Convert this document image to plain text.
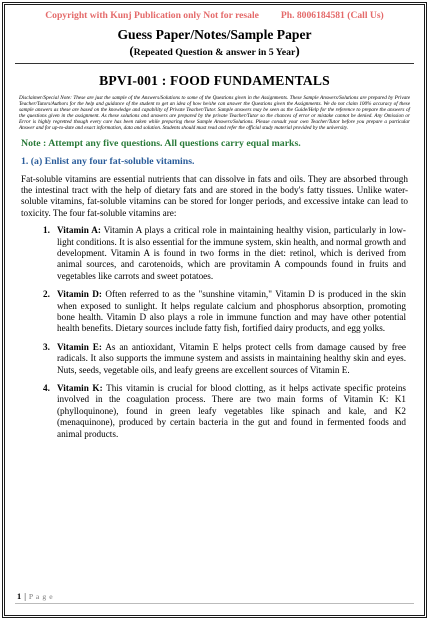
Copyright with Kunj Publication only Not for resale Ph. 8006184581 (Call Us)
Guess Paper/Notes/Sample Paper
(Repeated Question & answer in 5 Year)
BPVI-001 : FOOD FUNDAMENTALS
Disclaimer/Special Note: These are just the sample of the Answers/Solutions to some of the Questions given in the Assignments. These Sample Answers/Solutions are prepared by Private Teacher/Tutors/Authors for the help and guidance of the student to get an idea of how he/she can answer the Questions given the Assignments. We do not claim 100% accuracy of these sample answers as these are based on the knowledge and capability of Private Teacher/Tutor. Sample answers may be seen as the Guide/Help for the reference to prepare the answers of the questions given in the assignment. As these solutions and answers are prepared by the private Teacher/Tutor so the chances of error or mistake cannot be denied. Any Omission or Error is highly regretted though every care has been taken while preparing these Sample Answers/Solutions. Please consult your own Teacher/Tutor before you prepare a particular Answer and for up-to-date and exact information, data and solution. Students should must read and refer the official study material provided by the university.
Note : Attempt any five questions. All questions carry equal marks.
1. (a) Enlist any four fat-soluble vitamins.
Fat-soluble vitamins are essential nutrients that can dissolve in fats and oils. They are absorbed through the intestinal tract with the help of dietary fats and are stored in the body's fatty tissues. Unlike water-soluble vitamins, fat-soluble vitamins can be stored for longer periods, and excessive intake can lead to toxicity. The four fat-soluble vitamins are:
1. Vitamin A: Vitamin A plays a critical role in maintaining healthy vision, particularly in low-light conditions. It is also essential for the immune system, skin health, and normal growth and development. Vitamin A is found in two forms in the diet: retinol, which is derived from animal sources, and carotenoids, which are provitamin A compounds found in fruits and vegetables like carrots and sweet potatoes.
2. Vitamin D: Often referred to as the "sunshine vitamin," Vitamin D is produced in the skin when exposed to sunlight. It helps regulate calcium and phosphorus absorption, promoting bone health. Vitamin D also plays a role in immune function and may have other potential health benefits. Dietary sources include fatty fish, fortified dairy products, and egg yolks.
3. Vitamin E: As an antioxidant, Vitamin E helps protect cells from damage caused by free radicals. It also supports the immune system and assists in maintaining healthy skin and eyes. Nuts, seeds, vegetable oils, and leafy greens are excellent sources of Vitamin E.
4. Vitamin K: This vitamin is crucial for blood clotting, as it helps activate specific proteins involved in the coagulation process. There are two main forms of Vitamin K: K1 (phylloquinone), found in green leafy vegetables like spinach and kale, and K2 (menaquinone), produced by certain bacteria in the gut and found in fermented foods and animal products.
1 | P a g e
